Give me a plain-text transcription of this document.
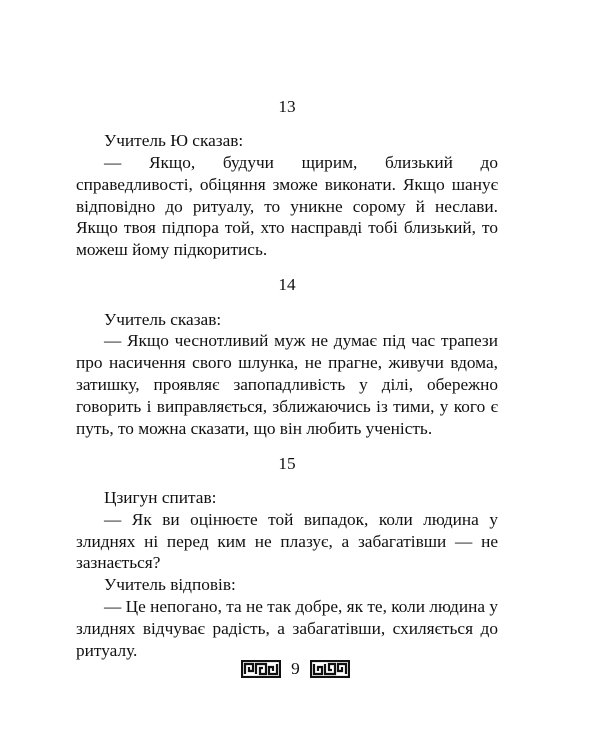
13

Учитель Ю сказав:

— Якщо, будучи щирим, близький до справедливості, обіцяння зможе виконати. Якщо шанує відповідно до ритуалу, то уникне сорому й неслави. Якщо твоя підпора той, хто насправді тобі близький, то можеш йому підкоритись.

14

Учитель сказав:

— Якщо чеснотливий муж не думає під час трапези про насичення свого шлунка, не прагне, живучи вдома, затишку, проявляє запопадливість у ділі, обережно говорить і виправляється, зближаючись із тими, у кого є путь, то можна сказати, що він любить ученість.

15

Цзигун спитав:

— Як ви оцінюєте той випадок, коли людина у злиднях ні перед ким не плазує, а забагатівши — не зазнається?

Учитель відповів:

— Це непогано, та не так добре, як те, коли людина у злиднях відчуває радість, а забагатівши, схиляється до ритуалу.

9
